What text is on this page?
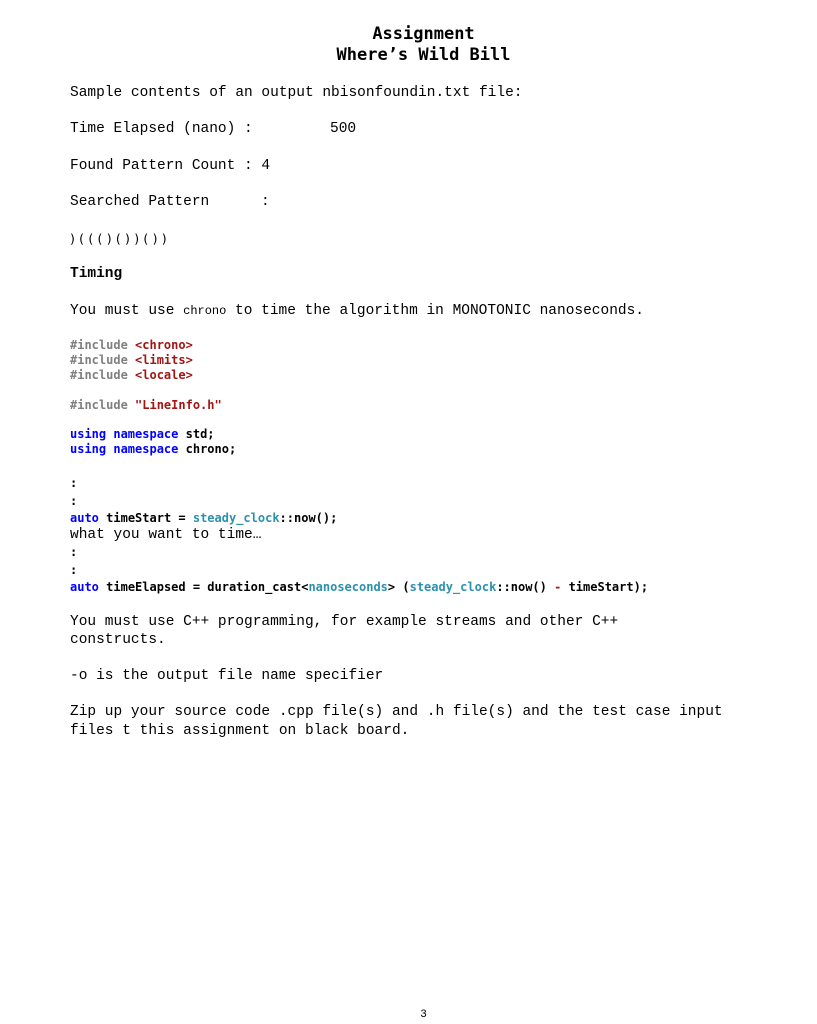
Assignment
Where’s Wild Bill
Sample contents of an output nbisonfoundin.txt file:
Time Elapsed (nano) :	500
Found Pattern Count : 4
Searched Pattern	:
)((()())())
Timing
You must use chrono to time the algorithm in MONOTONIC nanoseconds.
#include <chrono>
#include <limits>
#include <locale>
#include "LineInfo.h"
using namespace std;
using namespace chrono;
:
:
auto timeStart = steady_clock::now();
what you want to time…
:
:
auto timeElapsed = duration_cast<nanoseconds> (steady_clock::now() - timeStart);
You must use C++ programming, for example streams and other C++
constructs.
-o is the output file name specifier
Zip up your source code .cpp file(s) and .h file(s) and the test case input
files t this assignment on black board.
3
